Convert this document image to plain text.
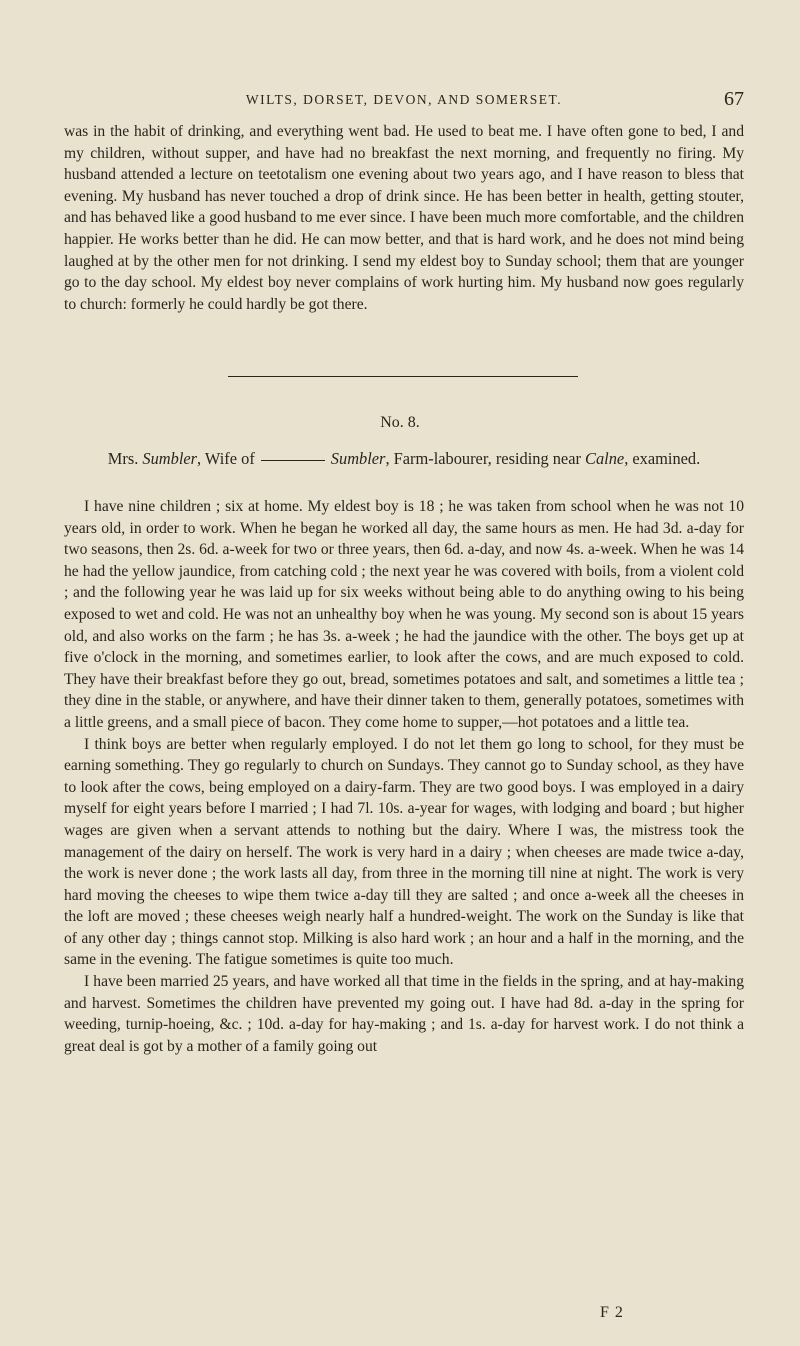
WILTS, DORSET, DEVON, AND SOMERSET.	67

was in the habit of drinking, and everything went bad. He used to beat me. I have often gone to bed, I and my children, without supper, and have had no breakfast the next morning, and frequently no firing. My husband attended a lecture on teetotalism one evening about two years ago, and I have reason to bless that evening. My husband has never touched a drop of drink since. He has been better in health, getting stouter, and has behaved like a good husband to me ever since. I have been much more comfortable, and the children happier. He works better than he did. He can mow better, and that is hard work, and he does not mind being laughed at by the other men for not drinking. I send my eldest boy to Sunday school; them that are younger go to the day school. My eldest boy never complains of work hurting him. My husband now goes regularly to church: formerly he could hardly be got there.

No. 8.
Mrs. Sumbler, Wife of	Sumbler, Farm-labourer, residing near Calne, examined.

I have nine children ; six at home. My eldest boy is 18 ; he was taken from school when he was not 10 years old, in order to work. When he began he worked all day, the same hours as men. He had 3d. a-day for two seasons, then 2s. 6d. a-week for two or three years, then 6d. a-day, and now 4s. a-week. When he was 14 he had the yellow jaundice, from catching cold ; the next year he was covered with boils, from a violent cold ; and the following year he was laid up for six weeks without being able to do anything owing to his being exposed to wet and cold. He was not an unhealthy boy when he was young. My second son is about 15 years old, and also works on the farm ; he has 3s. a-week ; he had the jaundice with the other. The boys get up at five o'clock in the morning, and sometimes earlier, to look after the cows, and are much exposed to cold. They have their breakfast before they go out, bread, sometimes potatoes and salt, and sometimes a little tea ; they dine in the stable, or anywhere, and have their dinner taken to them, generally potatoes, sometimes with a little greens, and a small piece of bacon. They come home to supper,—hot potatoes and a little tea.

I think boys are better when regularly employed. I do not let them go long to school, for they must be earning something. They go regularly to church on Sundays. They cannot go to Sunday school, as they have to look after the cows, being employed on a dairy-farm. They are two good boys. I was employed in a dairy myself for eight years before I married ; I had 7l. 10s. a-year for wages, with lodging and board ; but higher wages are given when a servant attends to nothing but the dairy. Where I was, the mistress took the management of the dairy on herself. The work is very hard in a dairy ; when cheeses are made twice a-day, the work is never done ; the work lasts all day, from three in the morning till nine at night. The work is very hard moving the cheeses to wipe them twice a-day till they are salted ; and once a-week all the cheeses in the loft are moved ; these cheeses weigh nearly half a hundred-weight. The work on the Sunday is like that of any other day ; things cannot stop. Milking is also hard work ; an hour and a half in the morning, and the same in the evening. The fatigue sometimes is quite too much.

I have been married 25 years, and have worked all that time in the fields in the spring, and at hay-making and harvest. Sometimes the children have prevented my going out. I have had 8d. a-day in the spring for weeding, turnip-hoeing, &c. ; 10d. a-day for hay-making ; and 1s. a-day for harvest work. I do not think a great deal is got by a mother of a family going out

F 2
